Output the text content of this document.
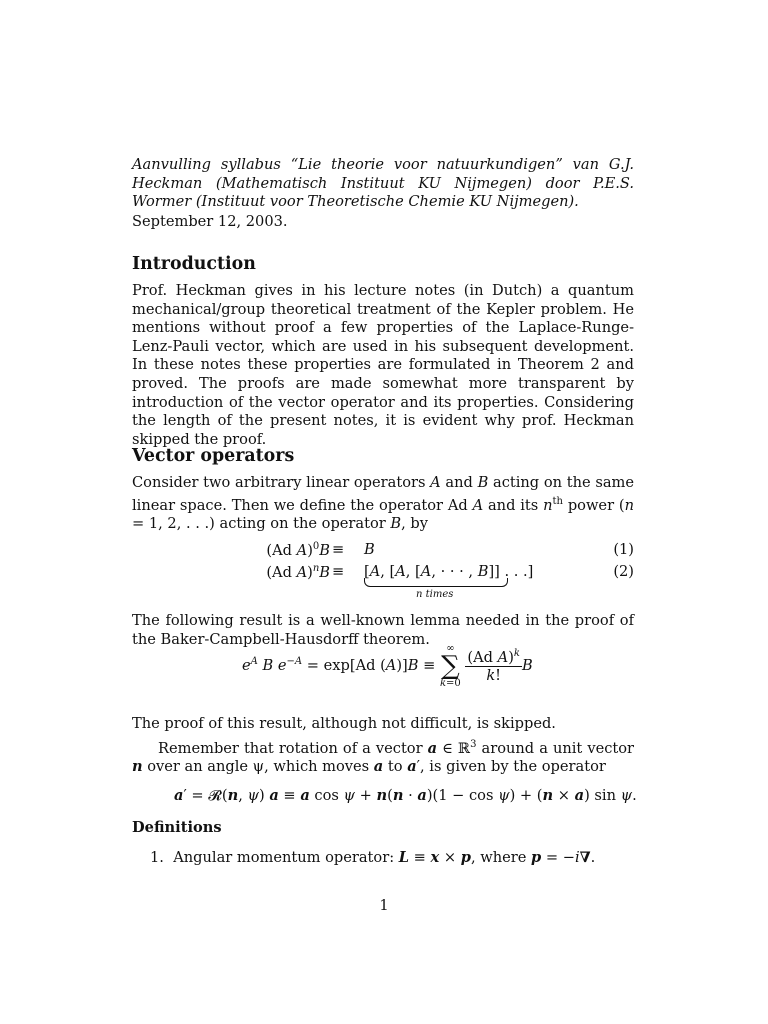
Aanvulling syllabus “Lie theorie voor natuurkundigen” van G.J. Heckman (Mathematisch Instituut KU Nijmegen) door P.E.S. Wormer (Instituut voor Theoretische Chemie KU Nijmegen).
September 12, 2003.
Introduction
Prof. Heckman gives in his lecture notes (in Dutch) a quantum mechanical/group theoretical treatment of the Kepler problem. He mentions without proof a few properties of the Laplace-Runge-Lenz-Pauli vector, which are used in his subsequent development. In these notes these properties are formulated in Theorem 2 and proved. The proofs are made somewhat more transparent by introduction of the vector operator and its properties. Considering the length of the present notes, it is evident why prof. Heckman skipped the proof.
Vector operators
Consider two arbitrary linear operators A and B acting on the same linear space. Then we define the operator Ad A and its $n^{th}$ power (n = 1, 2, . . .) acting on the operator B, by
(Ad A)$^0$B ≡ B	(1)
(Ad A)$^n$B ≡ [A, [A, [A, · · · , B]] . . .]
n times
(2)
The following result is a well-known lemma needed in the proof of the Baker-Campbell-Hausdorff theorem.
$e^A$ B $e^{-A} = \exp[Ad$ (A)]B ≡ ∞
∑
$k=0 \frac{(Ad A)^k}{k!}$ B
The proof of this result, although not difficult, is skipped.
Remember that rotation of a vector a ∈ ℝ$^3$ around a unit vector n over an angle ψ, which moves a to a′, is given by the operator
a′ = 𝓡(n, ψ) a ≡ a cos ψ + n(n · a)(1 − cos ψ) + (n × a) sin ψ.
Definitions
1. Angular momentum operator: L ≡ x × p, where p = −i∇.
1
